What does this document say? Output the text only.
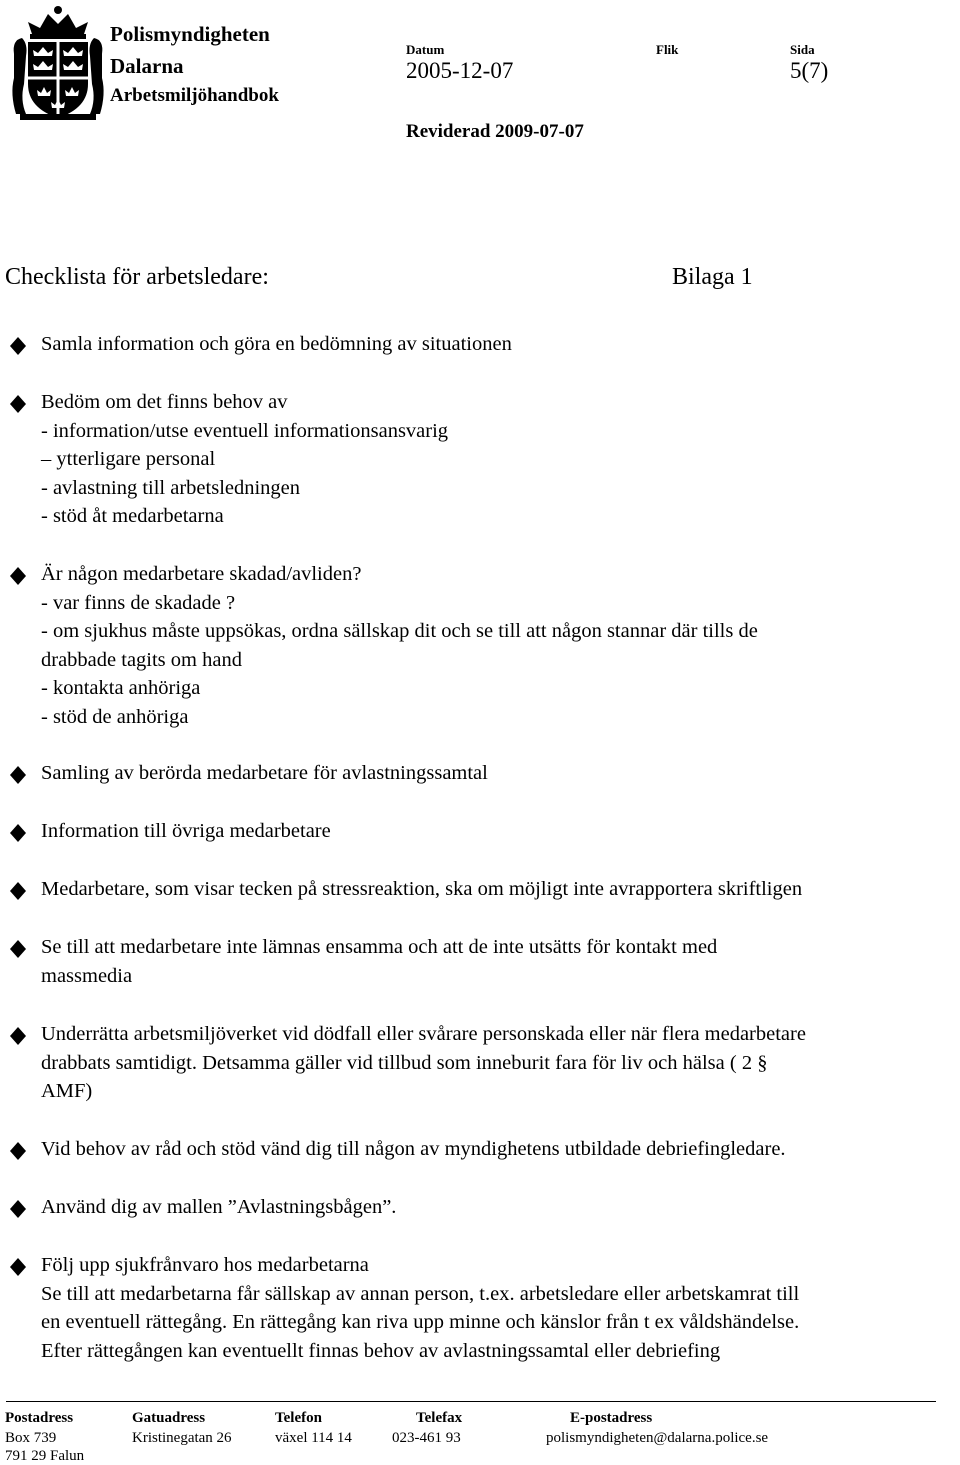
Polismyndigheten
Dalarna
Arbetsmiljöhandbok
Datum
2005-12-07
Flik	Sida
5(7)
Reviderad 2009-07-07
Checklista för arbetsledare:	Bilaga 1
Samla information och göra en bedömning av situationen
Bedöm om det finns behov av
- information/utse eventuell informationsansvarig
– ytterligare personal
- avlastning till arbetsledningen
- stöd åt medarbetarna
Är någon medarbetare skadad/avliden?
- var finns de skadade ?
- om sjukhus måste uppsökas, ordna sällskap dit och se till att någon stannar där tills de
drabbade tagits om hand
- kontakta anhöriga
- stöd de anhöriga
Samling av berörda medarbetare för avlastningssamtal
Information till övriga medarbetare
Medarbetare, som visar tecken på stressreaktion, ska om möjligt inte avrapportera skriftligen
Se till att medarbetare inte lämnas ensamma och att de inte utsätts för kontakt med
massmedia
Underrätta arbetsmiljöverket vid dödfall eller svårare personskada eller när flera medarbetare
drabbats samtidigt. Detsamma gäller vid tillbud som inneburit fara för liv och hälsa ( 2 §
AMF)
Vid behov av råd och stöd vänd dig till någon av myndighetens utbildade debriefingledare.
Använd dig av mallen ”Avlastningsbågen”.
Följ upp sjukfrånvaro hos medarbetarna
Se till att medarbetarna får sällskap av annan person, t.ex. arbetsledare eller arbetskamrat till
en eventuell rättegång. En rättegång kan riva upp minne och känslor från t ex våldshändelse.
Efter rättegången kan eventuellt finnas behov av avlastningssamtal eller debriefing
Postadress
Box 739
791 29 Falun
Gatuadress
Kristinegatan 26
Telefon
växel 114 14
Telefax
023-461 93
E-postadress
polismyndigheten@dalarna.police.se
